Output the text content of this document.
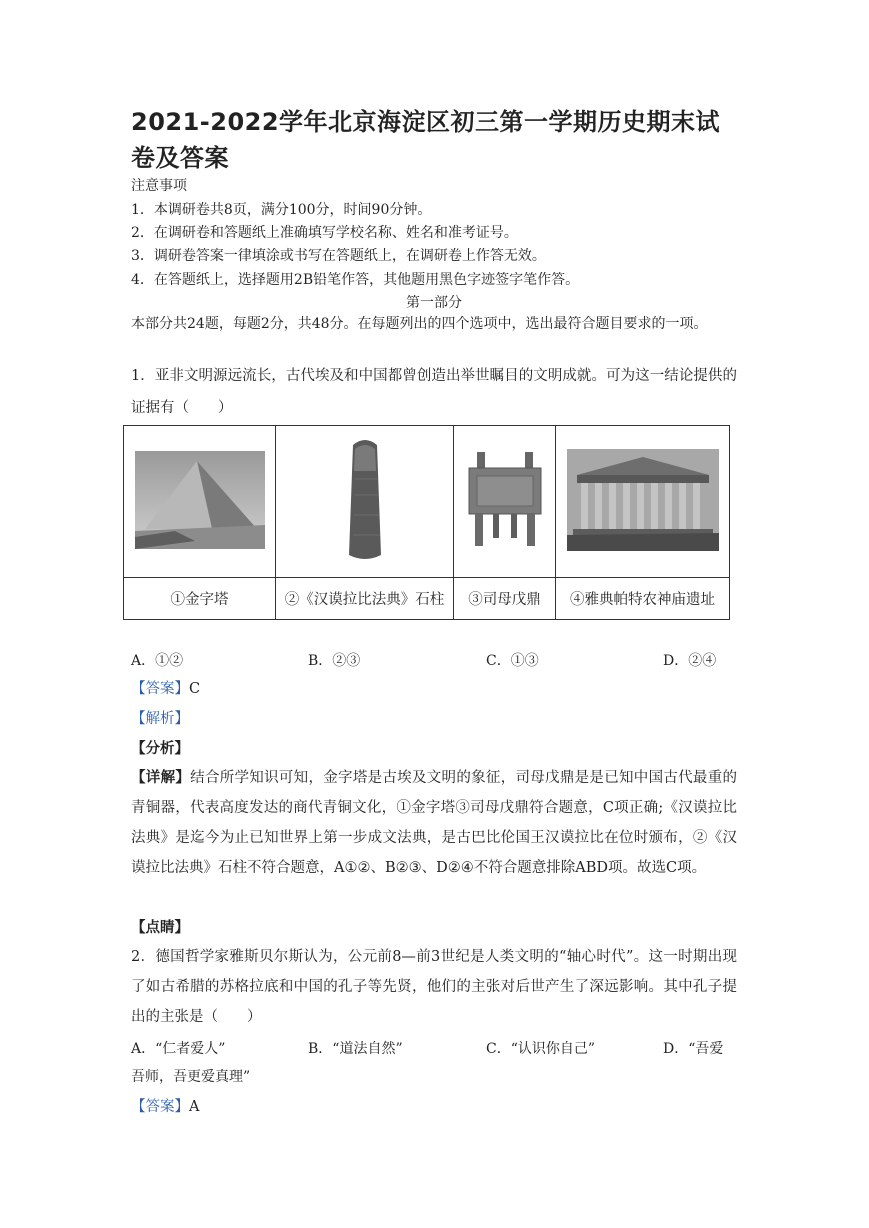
2021-2022学年北京海淀区初三第一学期历史期末试卷及答案
注意事项
1．本调研卷共8页，满分100分，时间90分钟。
2．在调研卷和答题纸上准确填写学校名称、姓名和准考证号。
3．调研卷答案一律填涂或书写在答题纸上，在调研卷上作答无效。
4．在答题纸上，选择题用2B铅笔作答，其他题用黑色字迹签字笔作答。
第一部分
本部分共24题，每题2分，共48分。在每题列出的四个选项中，选出最符合题目要求的一项。
1．亚非文明源远流长，古代埃及和中国都曾创造出举世瞩目的文明成就。可为这一结论提供的证据有（　　）

①金字塔	②《汉谟拉比法典》石柱	③司母戊鼎	④雅典帕特农神庙遗址
A．①②	B．②③	C．①③	D．②④
【答案】C
【解析】
【分析】
【详解】结合所学知识可知，金字塔是古埃及文明的象征，司母戊鼎是是已知中国古代最重的青铜器，代表高度发达的商代青铜文化，①金字塔③司母戊鼎符合题意，C项正确;《汉谟拉比法典》是迄今为止已知世界上第一步成文法典，是古巴比伦国王汉谟拉比在位时颁布，②《汉谟拉比法典》石柱不符合题意，A①②、B②③、D②④不符合题意排除ABD项。故选C项。
【点睛】
2．德国哲学家雅斯贝尔斯认为，公元前8—前3世纪是人类文明的“轴心时代”。这一时期出现了如古希腊的苏格拉底和中国的孔子等先贤，他们的主张对后世产生了深远影响。其中孔子提出的主张是（　　）
A．“仁者爱人”	B．“道法自然”	C．“认识你自己”	D．“吾爱
吾师，吾更爱真理”
【答案】A
